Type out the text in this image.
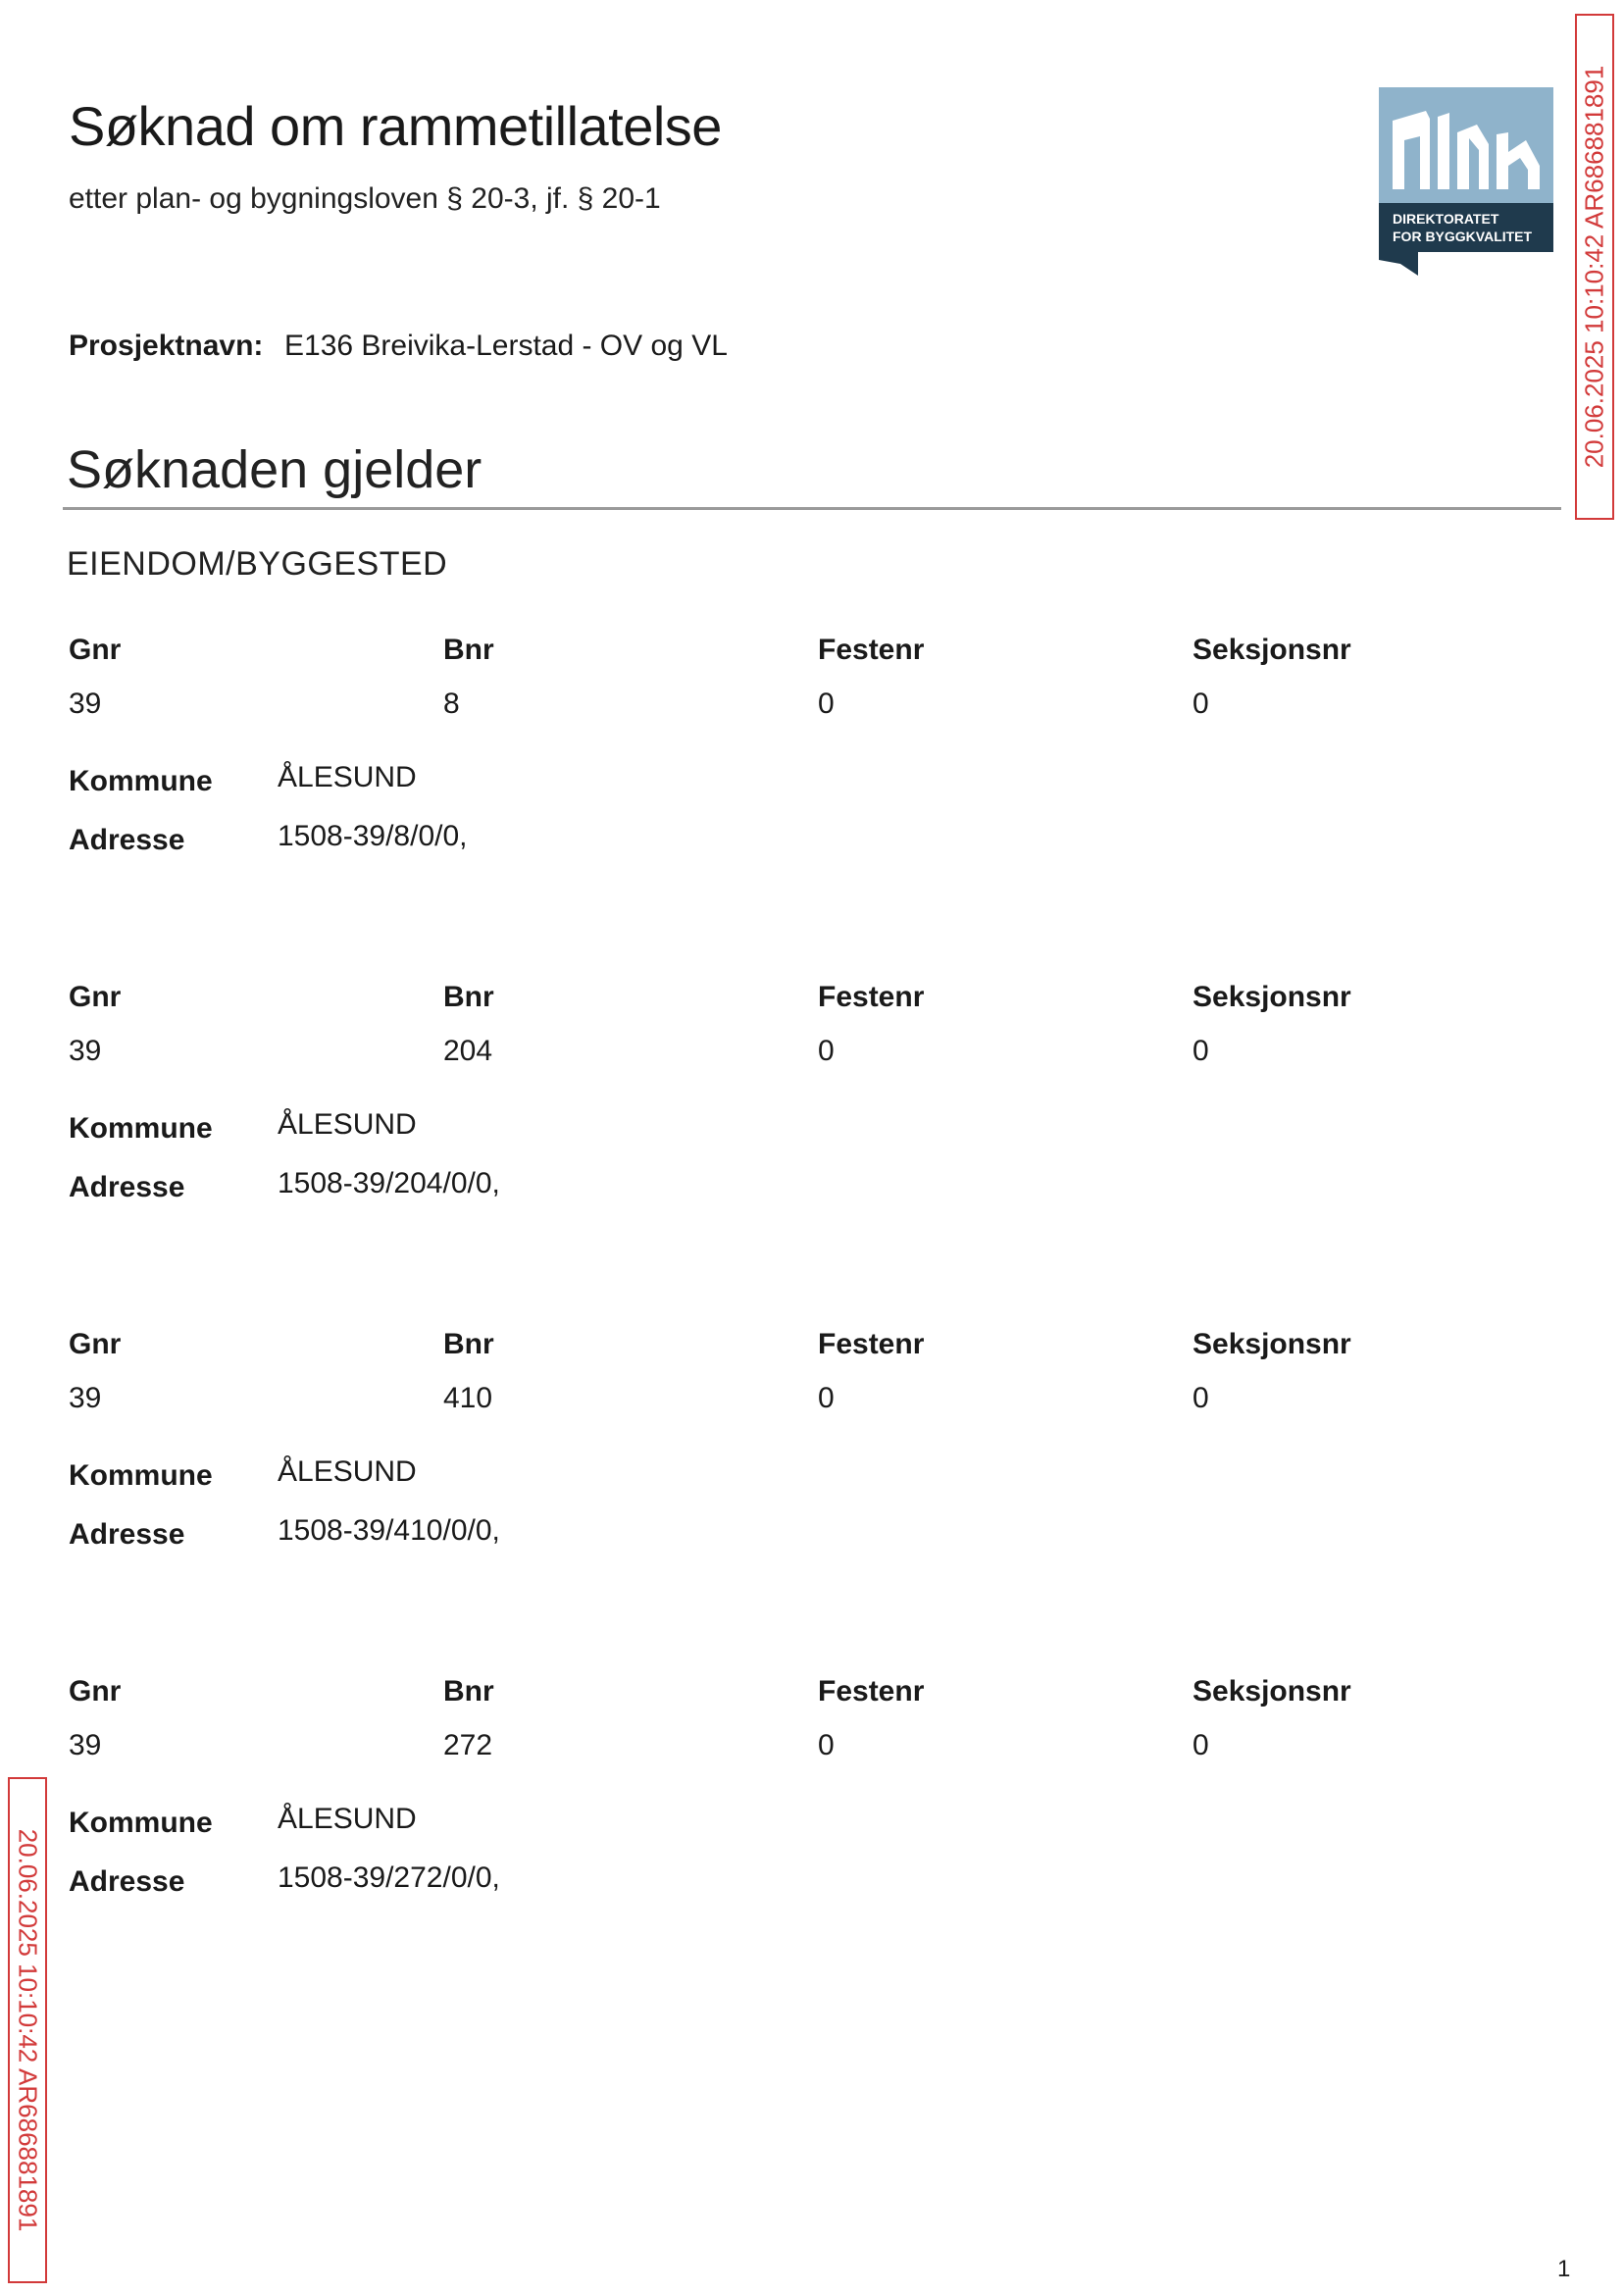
Søknad om rammetillatelse
etter plan- og bygningsloven § 20-3, jf. § 20-1
DIREKTORATET
FOR BYGGKVALITET
Prosjektnavn: E136 Breivika-Lerstad - OV og VL
Søknaden gjelder
EIENDOM/BYGGESTED
Gnr	Bnr	Festenr	Seksjonsnr
39	8	0	0
Kommune ÅLESUND
Adresse	1508-39/8/0/0,
Gnr	Bnr	Festenr	Seksjonsnr
39	204	0	0
Kommune ÅLESUND
Adresse	1508-39/204/0/0,
Gnr	Bnr	Festenr	Seksjonsnr
39	410	0	0
Kommune ÅLESUND
Adresse	1508-39/410/0/0,
Gnr	Bnr	Festenr	Seksjonsnr
39	272	0	0
Kommune ÅLESUND
Adresse	1508-39/272/0/0,
20.06.2025 10:10:42 AR686881891
20.06.2025 10:10:42 AR686881891
1
